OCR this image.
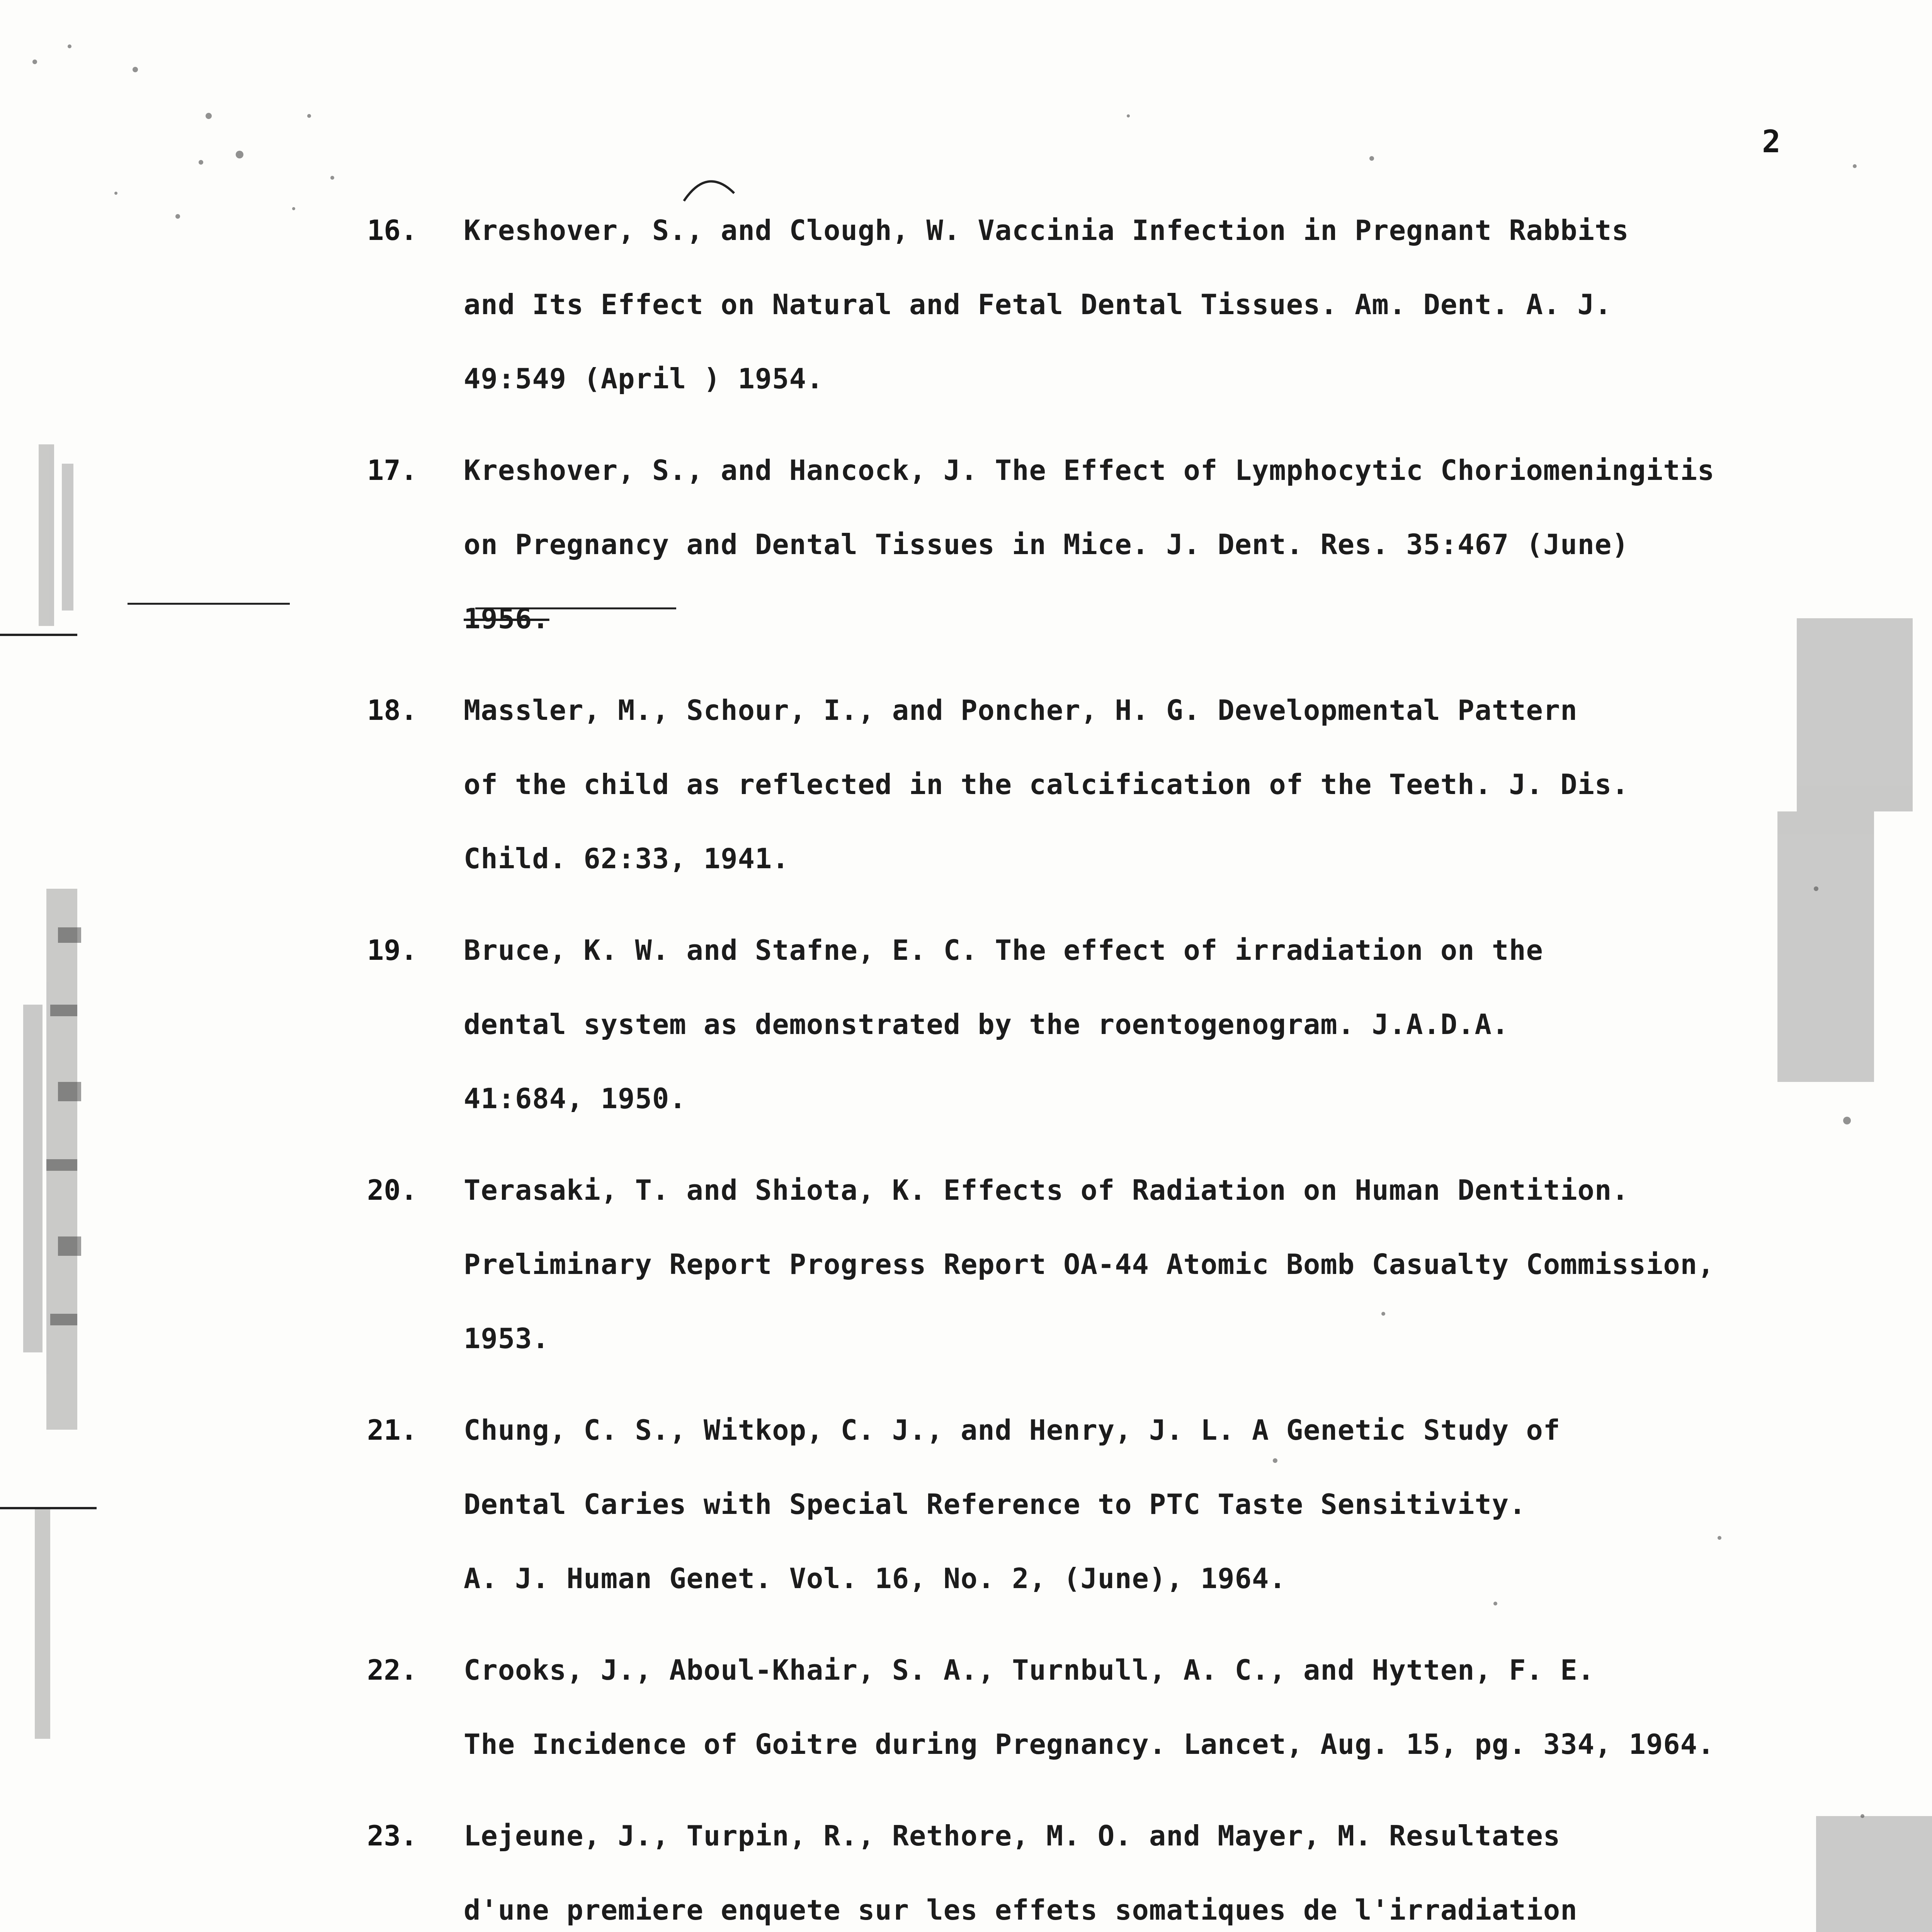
2
16. Kreshover, S., and Clough, W. Vaccinia Infection in Pregnant Rabbits
and Its Effect on Natural and Fetal Dental Tissues. Am. Dent. A. J.
49:549 (April ) 1954.
17. Kreshover, S., and Hancock, J. The Effect of Lymphocytic Choriomeningitis
on Pregnancy and Dental Tissues in Mice. J. Dent. Res. 35:467 (June)
1956.
18. Massler, M., Schour, I., and Poncher, H. G. Developmental Pattern
of the child as reflected in the calcification of the Teeth. J. Dis.
Child. 62:33, 1941.
19. Bruce, K. W. and Stafne, E. C. The effect of irradiation on the
dental system as demonstrated by the roentogenogram. J.A.D.A.
41:684, 1950.
20. Terasaki, T. and Shiota, K. Effects of Radiation on Human Dentition.
Preliminary Report Progress Report OA-44 Atomic Bomb Casualty Commission,
1953.
21. Chung, C. S., Witkop, C. J., and Henry, J. L. A Genetic Study of
Dental Caries with Special Reference to PTC Taste Sensitivity.
A. J. Human Genet. Vol. 16, No. 2, (June), 1964.
22. Crooks, J., Aboul-Khair, S. A., Turnbull, A. C., and Hytten, F. E.
The Incidence of Goitre during Pregnancy. Lancet, Aug. 15, pg. 334, 1964.
23. Lejeune, J., Turpin, R., Rethore, M. O. and Mayer, M. Resultates
d'une premiere enquete sur les effets somatiques de l'irradiation
